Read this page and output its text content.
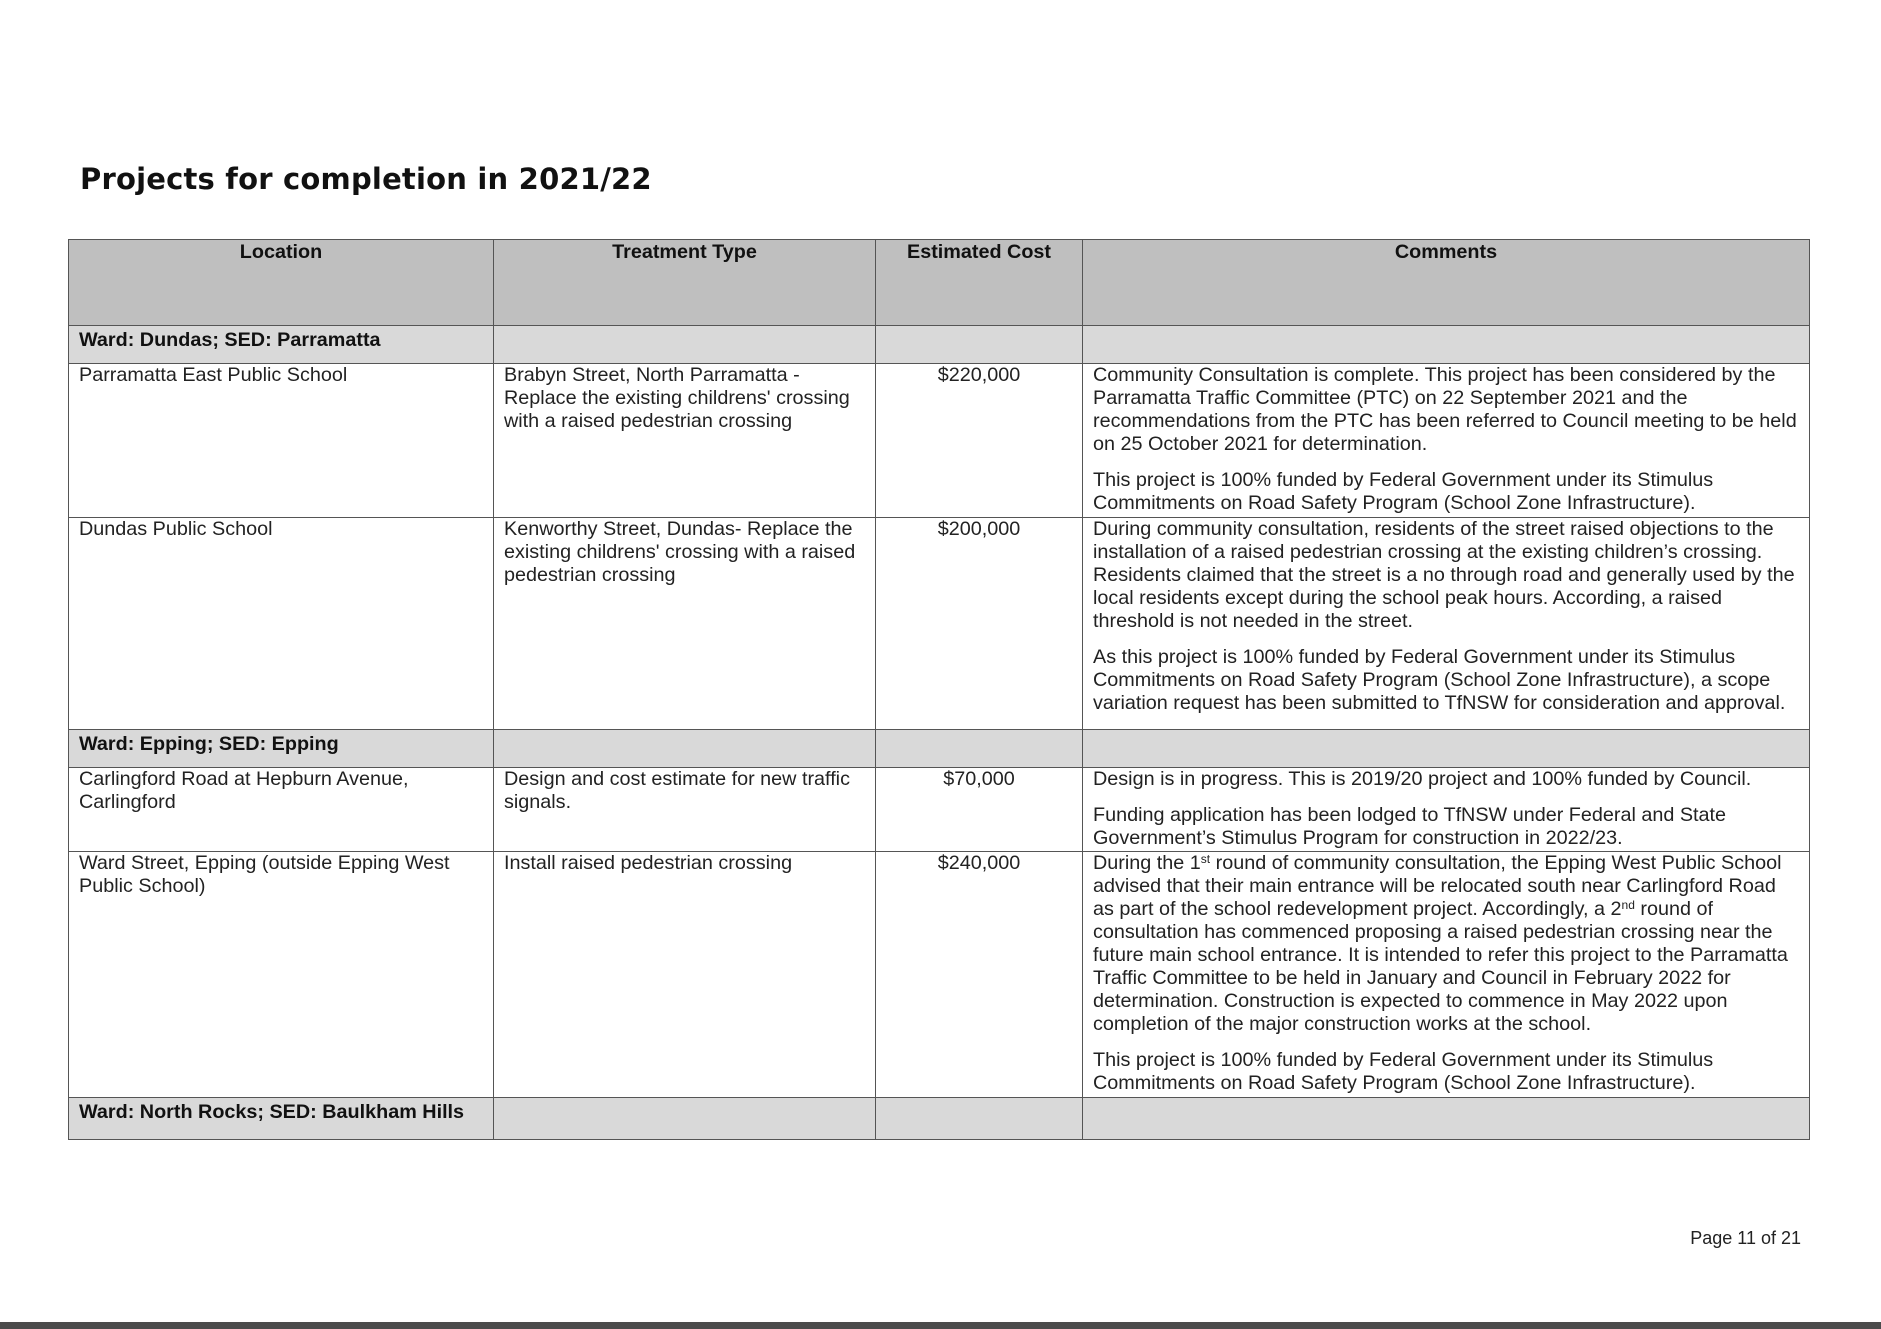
Projects for completion in 2021/22
Location	Treatment Type	Estimated Cost	Comments
Ward: Dundas; SED: Parramatta			
Parramatta East Public School	Brabyn Street, North Parramatta - Replace the existing childrens' crossing with a raised pedestrian crossing	$220,000	Community Consultation is complete. This project has been considered by the Parramatta Traffic Committee (PTC) on 22 September 2021 and the recommendations from the PTC has been referred to Council meeting to be held on 25 October 2021 for determination.

This project is 100% funded by Federal Government under its Stimulus Commitments on Road Safety Program (School Zone Infrastructure).

Dundas Public School	Kenworthy Street, Dundas- Replace the existing childrens' crossing with a raised pedestrian crossing	$200,000	During community consultation, residents of the street raised objections to the installation of a raised pedestrian crossing at the existing children’s crossing. Residents claimed that the street is a no through road and generally used by the local residents except during the school peak hours. According, a raised threshold is not needed in the street.

As this project is 100% funded by Federal Government under its Stimulus Commitments on Road Safety Program (School Zone Infrastructure), a scope variation request has been submitted to TfNSW for consideration and approval.

Ward: Epping; SED: Epping			
Carlingford Road at Hepburn Avenue, Carlingford	Design and cost estimate for new traffic signals.	$70,000	Design is in progress. This is 2019/20 project and 100% funded by Council.

Funding application has been lodged to TfNSW under Federal and State Government’s Stimulus Program for construction in 2022/23.

Ward Street, Epping (outside Epping West Public School)	Install raised pedestrian crossing	$240,000	During the 1st round of community consultation, the Epping West Public School advised that their main entrance will be relocated south near Carlingford Road as part of the school redevelopment project. Accordingly, a 2nd round of consultation has commenced proposing a raised pedestrian crossing near the future main school entrance. It is intended to refer this project to the Parramatta Traffic Committee to be held in January and Council in February 2022 for determination. Construction is expected to commence in May 2022 upon completion of the major construction works at the school.

This project is 100% funded by Federal Government under its Stimulus Commitments on Road Safety Program (School Zone Infrastructure).

Ward: North Rocks; SED: Baulkham Hills			
Page 11 of 21
